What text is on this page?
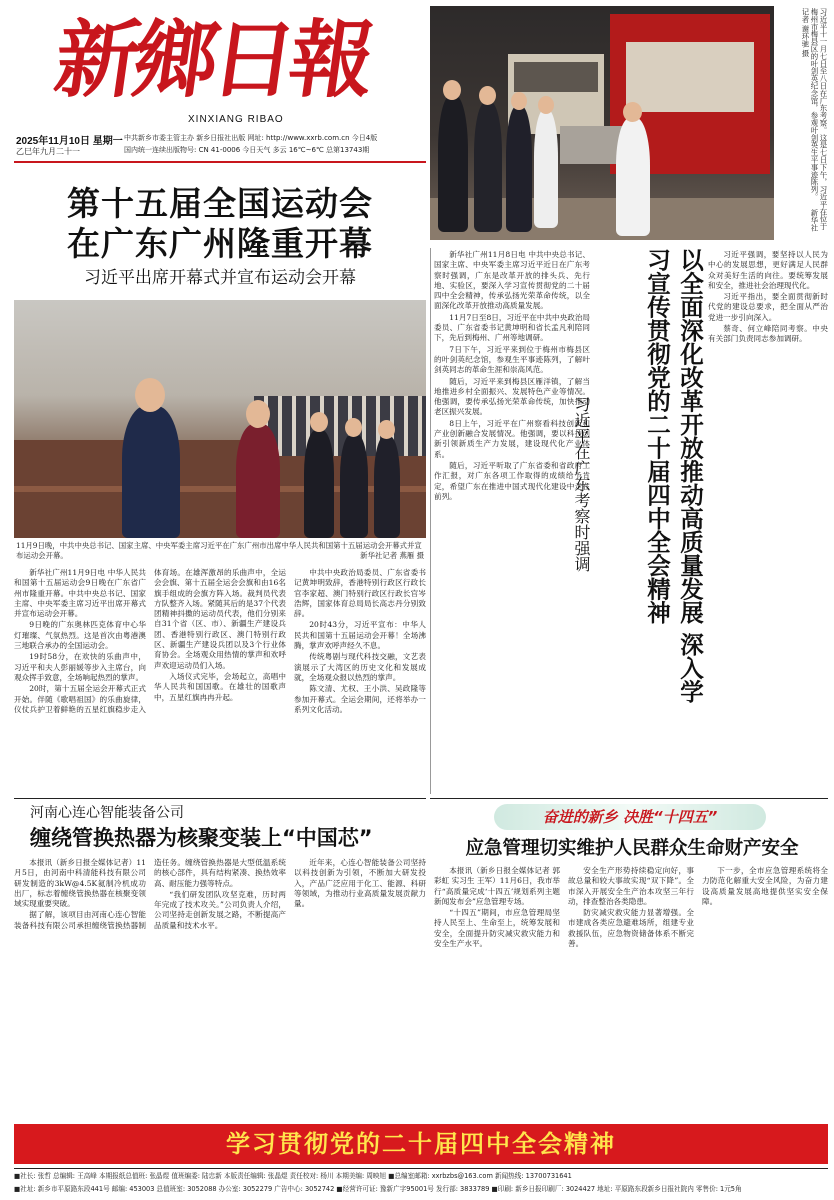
新鄉日報
XINXIANG RIBAO
2025年11月10日 星期一
乙巳年九月二十一
中共新乡市委主管主办 新乡日报社出版 网址: http://www.xxrb.com.cn 今日4版
国内统一连续出版物号: CN 41-0006 今日天气 多云 16℃~6℃ 总第13743期	习近平十一月七日至八日在广东考察。这是七日下午，习近平在位于梅州市梅县区的叶剑英纪念馆，参观叶剑英生平事迹陈列。 新华社记者 谢环驰 摄
第十五届全国运动会
在广东广州隆重开幕
习近平出席开幕式并宣布运动会开幕
11月9日晚，中共中央总书记、国家主席、中央军委主席习近平在广东广州市出席中华人民共和国第十五届运动会开幕式并宣布运动会开幕。	新华社记者 燕雁 摄

新华社广州11月9日电 中华人民共和国第十五届运动会9日晚在广东省广州市隆重开幕。中共中央总书记、国家主席、中央军委主席习近平出席开幕式并宣布运动会开幕。

9日晚的广东奥林匹克体育中心华灯璀璨、气氛热烈。这是首次由粤港澳三地联合承办的全国运动会。

19时58分，在欢快的乐曲声中，习近平和夫人彭丽媛等步入主席台，向观众挥手致意，全场响起热烈的掌声。

20时，第十五届全运会开幕式正式开始。伴随《歌唱祖国》的乐曲旋律，仪仗兵护卫着鲜艳的五星红旗稳步走入体育场。在雄浑激昂的乐曲声中，全运会会旗、第十五届全运会会旗和由16名旗手组成的会旗方阵入场。裁判员代表方队整齐入场。紧随其后的是37个代表团精神抖擞的运动员代表，他们分别来自31个省（区、市）、新疆生产建设兵团、香港特别行政区、澳门特别行政区、新疆生产建设兵团以及3个行业体育协会。全场观众用热情的掌声和欢呼声欢迎运动员们入场。

入场仪式完毕，会场起立，高唱中华人民共和国国歌。在雄壮的国歌声中，五星红旗冉冉升起。

中共中央政治局委员、广东省委书记黄坤明致辞，香港特别行政区行政长官李家超、澳门特别行政区行政长官岑浩辉，国家体育总局局长高志丹分别致辞。

20时43分，习近平宣布：中华人民共和国第十五届运动会开幕！全场沸腾，掌声欢呼声经久不息。

传统粤剧与现代科技交融，文艺表演展示了大湾区的历史文化和发展成就，全场观众报以热烈的掌声。

陈文清、尤权、王小洪、吴政隆等参加开幕式。全运会期间，还将举办一系列文化活动。

新华社广州11月8日电 中共中央总书记、国家主席、中央军委主席习近平近日在广东考察时强调，广东是改革开放的排头兵、先行地、实验区，要深入学习宣传贯彻党的二十届四中全会精神，传承弘扬光荣革命传统，以全面深化改革开放推动高质量发展。

11月7日至8日，习近平在中共中央政治局委员、广东省委书记黄坤明和省长孟凡利陪同下，先后到梅州、广州等地调研。

7日下午，习近平来到位于梅州市梅县区的叶剑英纪念馆，参观生平事迹陈列，了解叶剑英同志的革命生涯和崇高风范。

随后，习近平来到梅县区雁洋镇，了解当地推进乡村全面振兴、发展特色产业等情况。他强调，要传承弘扬光荣革命传统，加快推动老区振兴发展。

8日上午，习近平在广州察看科技创新和产业创新融合发展情况。他强调，要以科技创新引领新质生产力发展，建设现代化产业体系。

随后，习近平听取了广东省委和省政府工作汇报，对广东各项工作取得的成绩给予肯定，希望广东在推进中国式现代化建设中走在前列。	以全面深化改革开放推动高质量发展 深入学习宣传贯彻党的二十届四中全会精神
习近平在广东考察时强调

习近平强调，要坚持以人民为中心的发展思想，更好满足人民群众对美好生活的向往。要统筹发展和安全，推进社会治理现代化。

习近平指出，要全面贯彻新时代党的建设总要求，把全面从严治党进一步引向深入。

蔡奇、何立峰陪同考察。中央有关部门负责同志参加调研。

河南心连心智能装备公司
缠绕管换热器为核聚变装上“中国芯”

本报讯（新乡日报全媒体记者）11月5日，由河南中科清能科技有限公司研发制造的3kW@4.5K氦制冷机成功出厂，标志着缠绕管换热器在核聚变领域实现重要突破。

据了解，该项目由河南心连心智能装备科技有限公司承担缠绕管换热器制造任务。缠绕管换热器是大型低温系统的核心部件，具有结构紧凑、换热效率高、耐压能力强等特点。

“我们研发团队攻坚克难，历时两年完成了技术攻关。”公司负责人介绍，公司坚持走创新发展之路，不断提高产品质量和技术水平。

近年来，心连心智能装备公司坚持以科技创新为引领，不断加大研发投入，产品广泛应用于化工、能源、科研等领域，为推动行业高质量发展贡献力量。

奋进的新乡 决胜“十四五”
应急管理切实维护人民群众生命财产安全

本报讯（新乡日报全媒体记者 郭彩虹 实习生 王军）11月6日，我市举行“高质量完成‘十四五’规划系列主题新闻发布会”应急管理专场。

“十四五”期间，市应急管理局坚持人民至上、生命至上，统筹发展和安全，全面提升防灾减灾救灾能力和安全生产水平。

安全生产形势持续稳定向好，事故总量和较大事故实现“双下降”。全市深入开展安全生产治本攻坚三年行动，排查整治各类隐患。

防灾减灾救灾能力显著增强。全市建成各类应急避难场所，组建专业救援队伍，应急物资储备体系不断完善。

下一步，全市应急管理系统将全力防范化解重大安全风险，为奋力建设高质量发展高地提供坚实安全保障。

学习贯彻党的二十届四中全会精神
■社长: 张哲 总编辑: 王高峰 本期报纸总值班: 张晶煜 值班编委: 陆忠新 本版责任编辑: 张晶煜 责任校对: 杨川 本期美编: 周映旭 ■总编室邮箱: xxrbzbs@163.com 新闻热线: 13700731641
■社址: 新乡市平原路东段441号 邮编: 453003 总值班室: 3052088 办公室: 3052279 广告中心: 3052742 ■经营许可证: 豫新广字95001号 发行部: 3833789 ■印刷: 新乡日报印刷厂: 3024427 地址: 平原路东段新乡日报社院内 零售价: 1元5角
